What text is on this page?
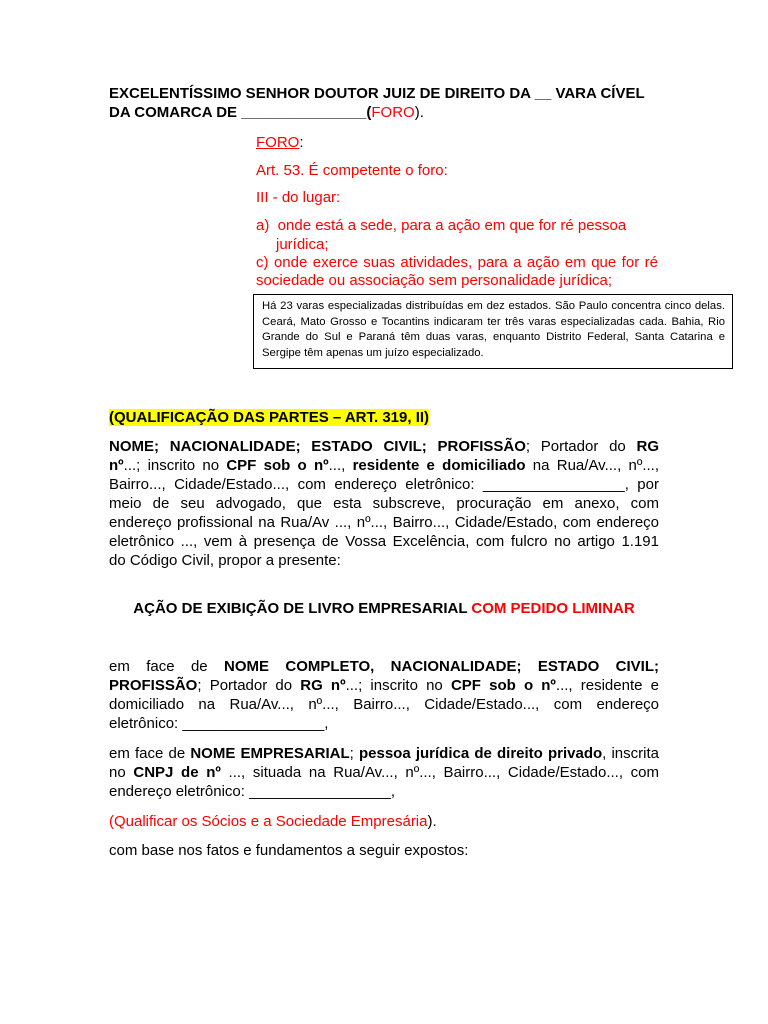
EXCELENTÍSSIMO SENHOR DOUTOR JUIZ DE DIREITO DA __ VARA CÍVEL
DA COMARCA DE _______________(FORO).
FORO:
Art. 53. É competente o foro:
III - do lugar:
a)  onde está a sede, para a ação em que for ré pessoa
jurídica;
c) onde exerce suas atividades, para a ação em que for ré
sociedade ou associação sem personalidade jurídica;
Há 23 varas especializadas distribuídas em dez estados. São Paulo concentra cinco delas. Ceará, Mato Grosso e Tocantins indicaram ter três varas especializadas cada. Bahia, Rio Grande do Sul e Paraná têm duas varas, enquanto Distrito Federal, Santa Catarina e Sergipe têm apenas um juízo especializado.
(QUALIFICAÇÃO DAS PARTES – ART. 319, II)
NOME; NACIONALIDADE; ESTADO CIVIL; PROFISSÃO; Portador do RG
nº...; inscrito no CPF sob o nº..., residente e domiciliado na Rua/Av..., nº...,
Bairro..., Cidade/Estado..., com endereço eletrônico: _________________, por
meio de seu advogado, que esta subscreve, procuração em anexo, com
endereço profissional na Rua/Av ..., nº..., Bairro..., Cidade/Estado, com endereço
eletrônico ..., vem à presença de Vossa Excelência, com fulcro no artigo 1.191
do Código Civil, propor a presente:
AÇÃO DE EXIBIÇÃO DE LIVRO EMPRESARIAL COM PEDIDO LIMINAR
em face de NOME COMPLETO, NACIONALIDADE; ESTADO CIVIL;
PROFISSÃO; Portador do RG nº...; inscrito no CPF sob o nº..., residente e
domiciliado na Rua/Av..., nº..., Bairro..., Cidade/Estado..., com endereço
eletrônico: _________________,
em face de NOME EMPRESARIAL; pessoa jurídica de direito privado, inscrita
no CNPJ de nº ..., situada na Rua/Av..., nº..., Bairro..., Cidade/Estado..., com
endereço eletrônico: _________________,
(Qualificar os Sócios e a Sociedade Empresária).
com base nos fatos e fundamentos a seguir expostos:
